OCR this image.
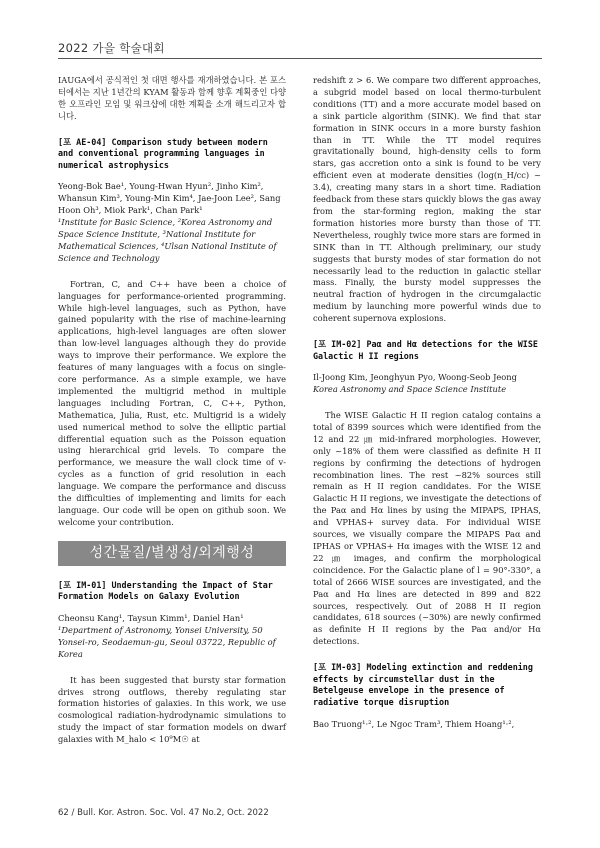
2022 가을 학술대회

IAUGA에서 공식적인 첫 대면 행사를 재개하였습니다. 본 포스터에서는 지난 1년간의 KYAM 활동과 함께 향후 계획중인 다양한 오프라인 모임 및 워크샵에 대한 계획을 소개 해드리고자 합니다.

[포 AE-04] Comparison study between modern and conventional programming languages in numerical astrophysics
Yeong-Bok Bae¹, Young-Hwan Hyun², Jinho Kim², Whansun Kim³, Young-Min Kim⁴, Jae-Joon Lee², Sang Hoon Oh³, Miok Park¹, Chan Park¹
¹Institute for Basic Science, ²Korea Astronomy and Space Science Institute, ³National Institute for Mathematical Sciences, ⁴Ulsan National Institute of Science and Technology

Fortran, C, and C++ have been a choice of languages for performance-oriented programming. While high-level languages, such as Python, have gained popularity with the rise of machine-learning applications, high-level languages are often slower than low-level languages although they do provide ways to improve their performance. We explore the features of many languages with a focus on single-core performance. As a simple example, we have implemented the multigrid method in multiple languages including Fortran, C, C++, Python, Mathematica, Julia, Rust, etc. Multigrid is a widely used numerical method to solve the elliptic partial differential equation such as the Poisson equation using hierarchical grid levels. To compare the performance, we measure the wall clock time of v-cycles as a function of grid resolution in each language. We compare the performance and discuss the difficulties of implementing and limits for each language. Our code will be open on github soon. We welcome your contribution.

성간물질/별생성/외계행성
[포 IM-01] Understanding the Impact of Star Formation Models on Galaxy Evolution
Cheonsu Kang¹, Taysun Kimm¹, Daniel Han¹
¹Department of Astronomy, Yonsei University, 50 Yonsei-ro, Seodaemun-gu, Seoul 03722, Republic of Korea

It has been suggested that bursty star formation drives strong outflows, thereby regulating star formation histories of galaxies. In this work, we use cosmological radiation-hydrodynamic simulations to study the impact of star formation models on dwarf galaxies with M_halo < 10⁹M☉ at

redshift z > 6. We compare two different approaches, a subgrid model based on local thermo-turbulent conditions (TT) and a more accurate model based on a sink particle algorithm (SINK). We find that star formation in SINK occurs in a more bursty fashion than in TT. While the TT model requires gravitationally bound, high-density cells to form stars, gas accretion onto a sink is found to be very efficient even at moderate densities (log(n_H/cc) ~ 3.4), creating many stars in a short time. Radiation feedback from these stars quickly blows the gas away from the star-forming region, making the star formation histories more bursty than those of TT. Nevertheless, roughly twice more stars are formed in SINK than in TT. Although preliminary, our study suggests that bursty modes of star formation do not necessarily lead to the reduction in galactic stellar mass. Finally, the bursty model suppresses the neutral fraction of hydrogen in the circumgalactic medium by launching more powerful winds due to coherent supernova explosions.

[포 IM-02] Paα and Hα detections for the WISE Galactic H II regions
Il-Joong Kim, Jeonghyun Pyo, Woong-Seob Jeong
Korea Astronomy and Space Science Institute

The WISE Galactic H II region catalog contains a total of 8399 sources which were identified from the 12 and 22 ㎛ mid-infrared morphologies. However, only ~18% of them were classified as definite H II regions by confirming the detections of hydrogen recombination lines. The rest ~82% sources still remain as H II region candidates. For the WISE Galactic H II regions, we investigate the detections of the Paα and Hα lines by using the MIPAPS, IPHAS, and VPHAS+ survey data. For individual WISE sources, we visually compare the MIPAPS Paα and IPHAS or VPHAS+ Hα images with the WISE 12 and 22 ㎛ images, and confirm the morphological coincidence. For the Galactic plane of l = 90°-330°, a total of 2666 WISE sources are investigated, and the Paα and Hα lines are detected in 899 and 822 sources, respectively. Out of 2088 H II region candidates, 618 sources (~30%) are newly confirmed as definite H II regions by the Paα and/or Hα detections.

[포 IM-03] Modeling extinction and reddening effects by circumstellar dust in the Betelgeuse envelope in the presence of radiative torque disruption
Bao Truong¹·², Le Ngoc Tram³, Thiem Hoang¹·²,
62 / Bull. Kor. Astron. Soc. Vol. 47 No.2, Oct. 2022
